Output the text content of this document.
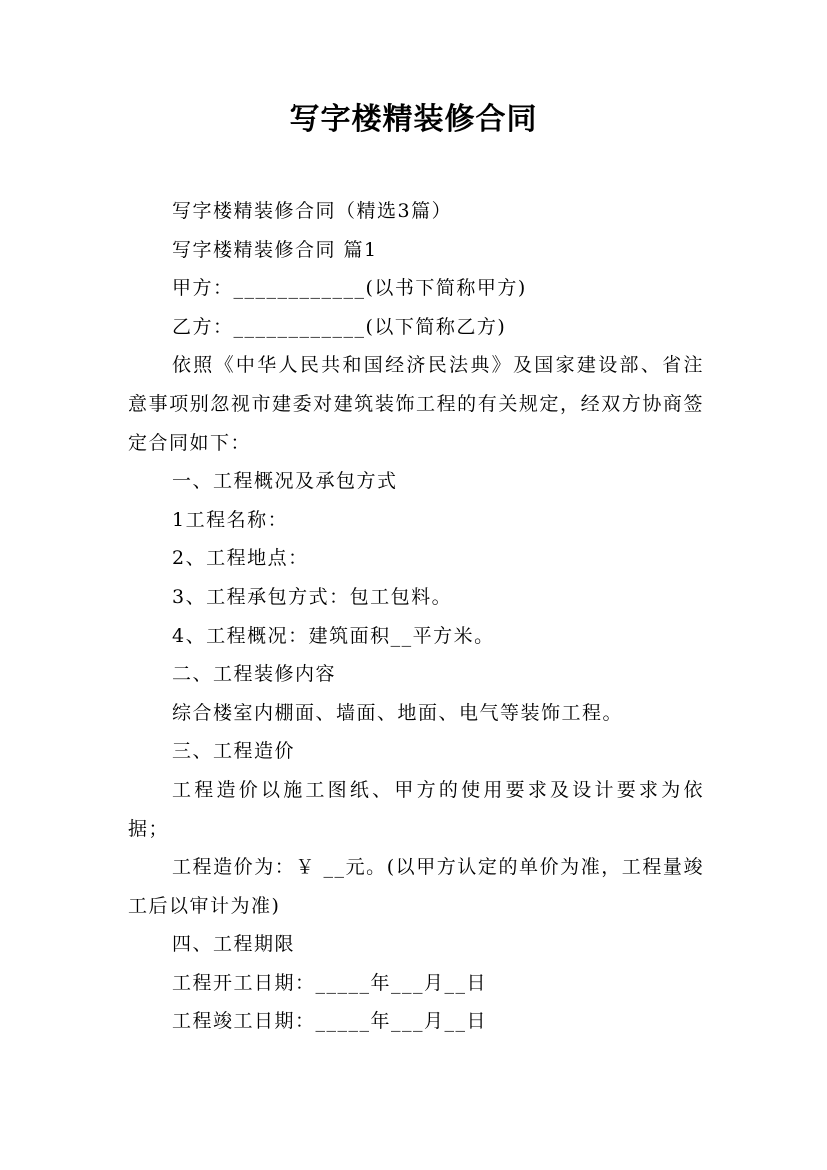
写字楼精装修合同

写字楼精装修合同（精选3篇）

写字楼精装修合同 篇1

甲方：____________(以书下简称甲方)

乙方：____________(以下简称乙方)

依照《中华人民共和国经济民法典》及国家建设部、省注意事项别忽视市建委对建筑装饰工程的有关规定，经双方协商签定合同如下：

一、工程概况及承包方式

1工程名称：

2、工程地点：

3、工程承包方式：包工包料。

4、工程概况：建筑面积__平方米。

二、工程装修内容

综合楼室内棚面、墙面、地面、电气等装饰工程。

三、工程造价

工程造价以施工图纸、甲方的使用要求及设计要求为依据；

工程造价为：￥ __元。(以甲方认定的单价为准，工程量竣工后以审计为准)

四、工程期限

工程开工日期：_____年___月__日

工程竣工日期：_____年___月__日
